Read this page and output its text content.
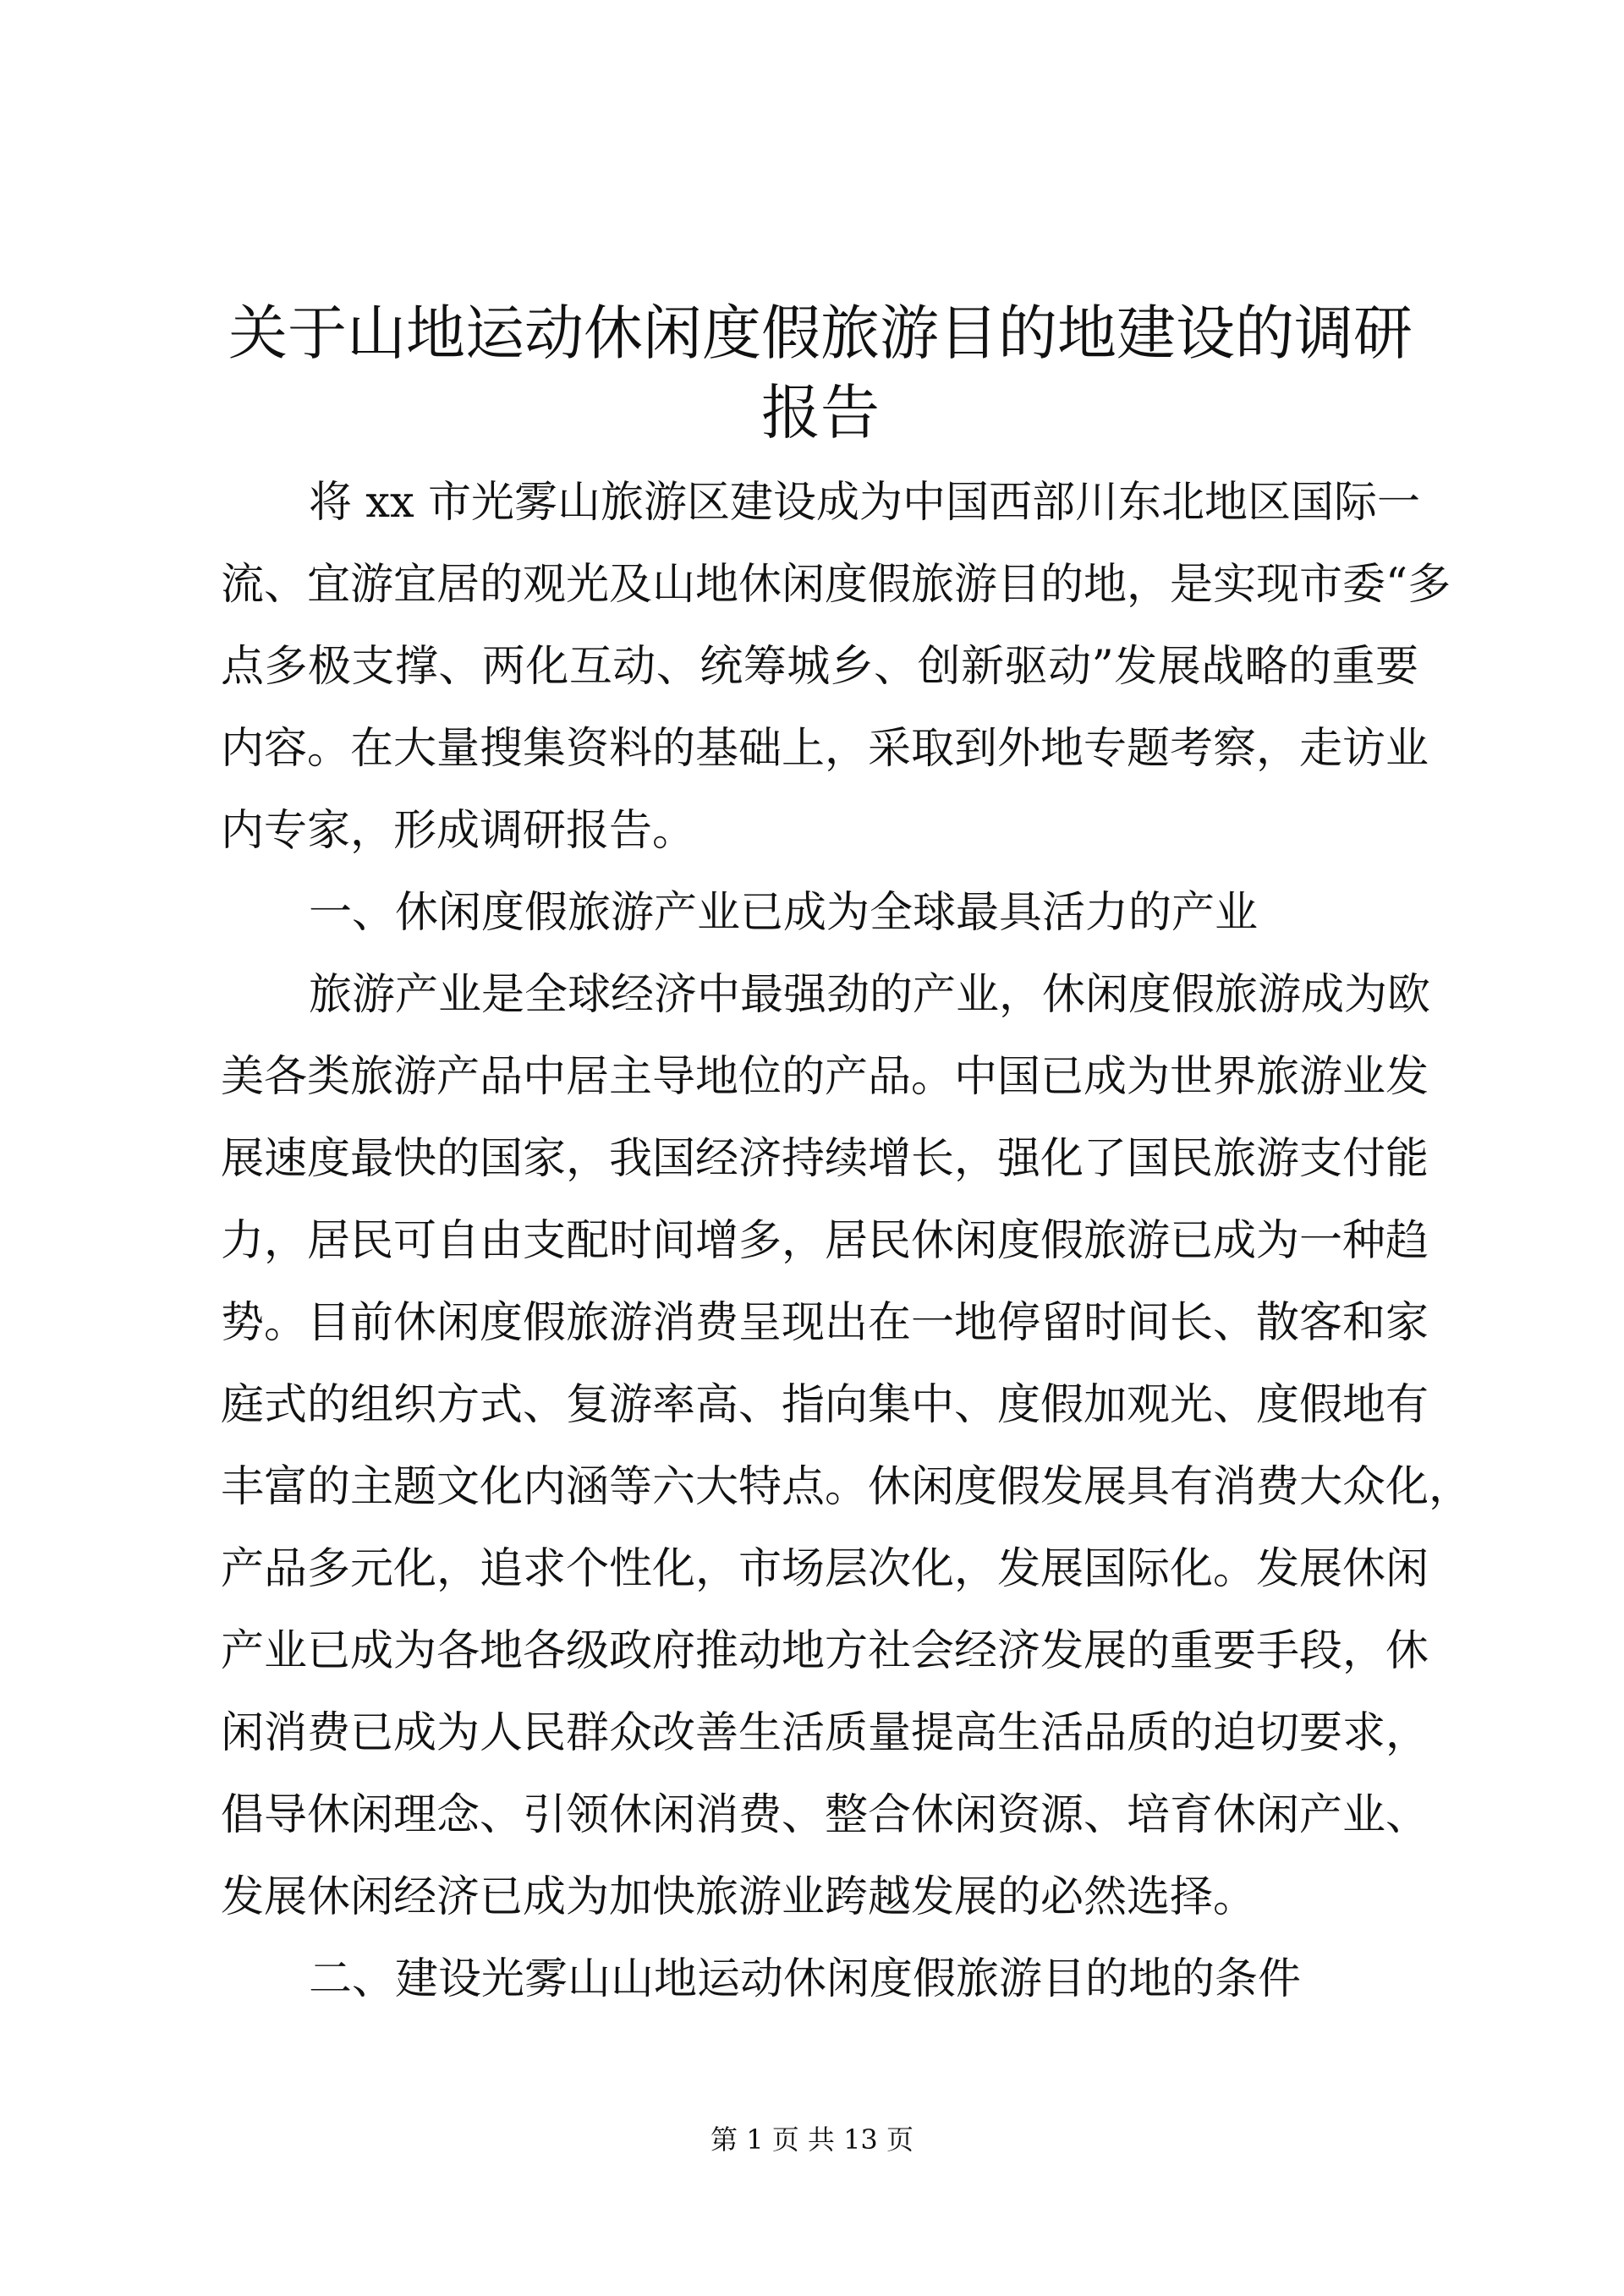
关于山地运动休闲度假旅游目的地建设的调研
报告
将 xx 市光雾山旅游区建设成为中国西部川东北地区国际一
流、宜游宜居的观光及山地休闲度假旅游目的地，是实现市委“多
点多极支撑、两化互动、统筹城乡、创新驱动”发展战略的重要
内容。在大量搜集资料的基础上，采取到外地专题考察，走访业
内专家，形成调研报告。
一、休闲度假旅游产业已成为全球最具活力的产业
旅游产业是全球经济中最强劲的产业，休闲度假旅游成为欧
美各类旅游产品中居主导地位的产品。中国已成为世界旅游业发
展速度最快的国家，我国经济持续增长，强化了国民旅游支付能
力，居民可自由支配时间增多，居民休闲度假旅游已成为一种趋
势。目前休闲度假旅游消费呈现出在一地停留时间长、散客和家
庭式的组织方式、复游率高、指向集中、度假加观光、度假地有
丰富的主题文化内涵等六大特点。休闲度假发展具有消费大众化，
产品多元化，追求个性化，市场层次化，发展国际化。发展休闲
产业已成为各地各级政府推动地方社会经济发展的重要手段，休
闲消费已成为人民群众改善生活质量提高生活品质的迫切要求，
倡导休闲理念、引领休闲消费、整合休闲资源、培育休闲产业、
发展休闲经济已成为加快旅游业跨越发展的必然选择。
二、建设光雾山山地运动休闲度假旅游目的地的条件
第 1 页 共 13 页
